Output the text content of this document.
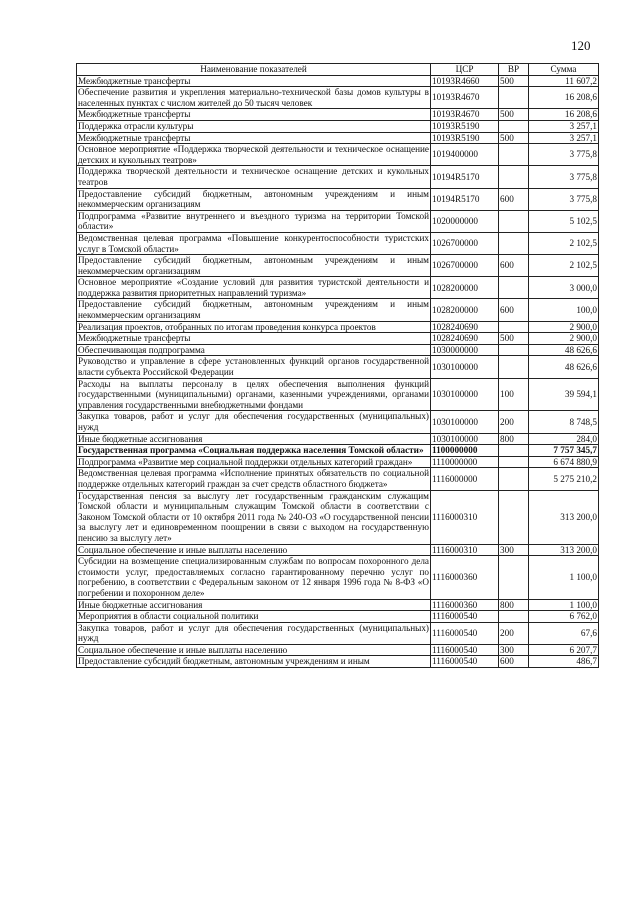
120
Наименование показателей	ЦСР	ВР	Сумма
Межбюджетные трансферты	10193R4660	500	11 607,2
Обеспечение развития и укрепления материально-технической базы домов культуры в населенных пунктах с числом жителей до 50 тысяч человек	10193R4670		16 208,6
Межбюджетные трансферты	10193R4670	500	16 208,6
Поддержка отрасли культуры	10193R5190		3 257,1
Межбюджетные трансферты	10193R5190	500	3 257,1
Основное мероприятие «Поддержка творческой деятельности и техническое оснащение детских и кукольных театров»	1019400000		3 775,8
Поддержка творческой деятельности и техническое оснащение детских и кукольных театров	10194R5170		3 775,8
Предоставление субсидий бюджетным, автономным учреждениям и иным некоммерческим организациям	10194R5170	600	3 775,8
Подпрограмма «Развитие внутреннего и въездного туризма на территории Томской области»	1020000000		5 102,5
Ведомственная целевая программа «Повышение конкурентоспособности туристских услуг в Томской области»	1026700000		2 102,5
Предоставление субсидий бюджетным, автономным учреждениям и иным некоммерческим организациям	1026700000	600	2 102,5
Основное мероприятие «Создание условий для развития туристской деятельности и поддержка развития приоритетных направлений туризма»	1028200000		3 000,0
Предоставление субсидий бюджетным, автономным учреждениям и иным некоммерческим организациям	1028200000	600	100,0
Реализация проектов, отобранных по итогам проведения конкурса проектов	1028240690		2 900,0
Межбюджетные трансферты	1028240690	500	2 900,0
Обеспечивающая подпрограмма	1030000000		48 626,6
Руководство и управление в сфере установленных функций органов государственной власти субъекта Российской Федерации	1030100000		48 626,6
Расходы на выплаты персоналу в целях обеспечения выполнения функций государственными (муниципальными) органами, казенными учреждениями, органами управления государственными внебюджетными фондами	1030100000	100	39 594,1
Закупка товаров, работ и услуг для обеспечения государственных (муниципальных) нужд	1030100000	200	8 748,5
Иные бюджетные ассигнования	1030100000	800	284,0
Государственная программа «Социальная поддержка населения Томской области»	1100000000		7 757 345,7
Подпрограмма «Развитие мер социальной поддержки отдельных категорий граждан»	1110000000		6 674 880,9
Ведомственная целевая программа «Исполнение принятых обязательств по социальной поддержке отдельных категорий граждан за счет средств областного бюджета»	1116000000		5 275 210,2
Государственная пенсия за выслугу лет государственным гражданским служащим Томской области и муниципальным служащим Томской области в соответствии с Законом Томской области от 10 октября 2011 года № 240-ОЗ «О государственной пенсии за выслугу лет и единовременном поощрении в связи с выходом на государственную пенсию за выслугу лет»	1116000310		313 200,0
Социальное обеспечение и иные выплаты населению	1116000310	300	313 200,0
Субсидии на возмещение специализированным службам по вопросам похоронного дела стоимости услуг, предоставляемых согласно гарантированному перечню услуг по погребению, в соответствии с Федеральным законом от 12 января 1996 года № 8-ФЗ «О погребении и похоронном деле»	1116000360		1 100,0
Иные бюджетные ассигнования	1116000360	800	1 100,0
Мероприятия в области социальной политики	1116000540		6 762,0
Закупка товаров, работ и услуг для обеспечения государственных (муниципальных) нужд	1116000540	200	67,6
Социальное обеспечение и иные выплаты населению	1116000540	300	6 207,7
Предоставление субсидий бюджетным, автономным учреждениям и иным	1116000540	600	486,7
